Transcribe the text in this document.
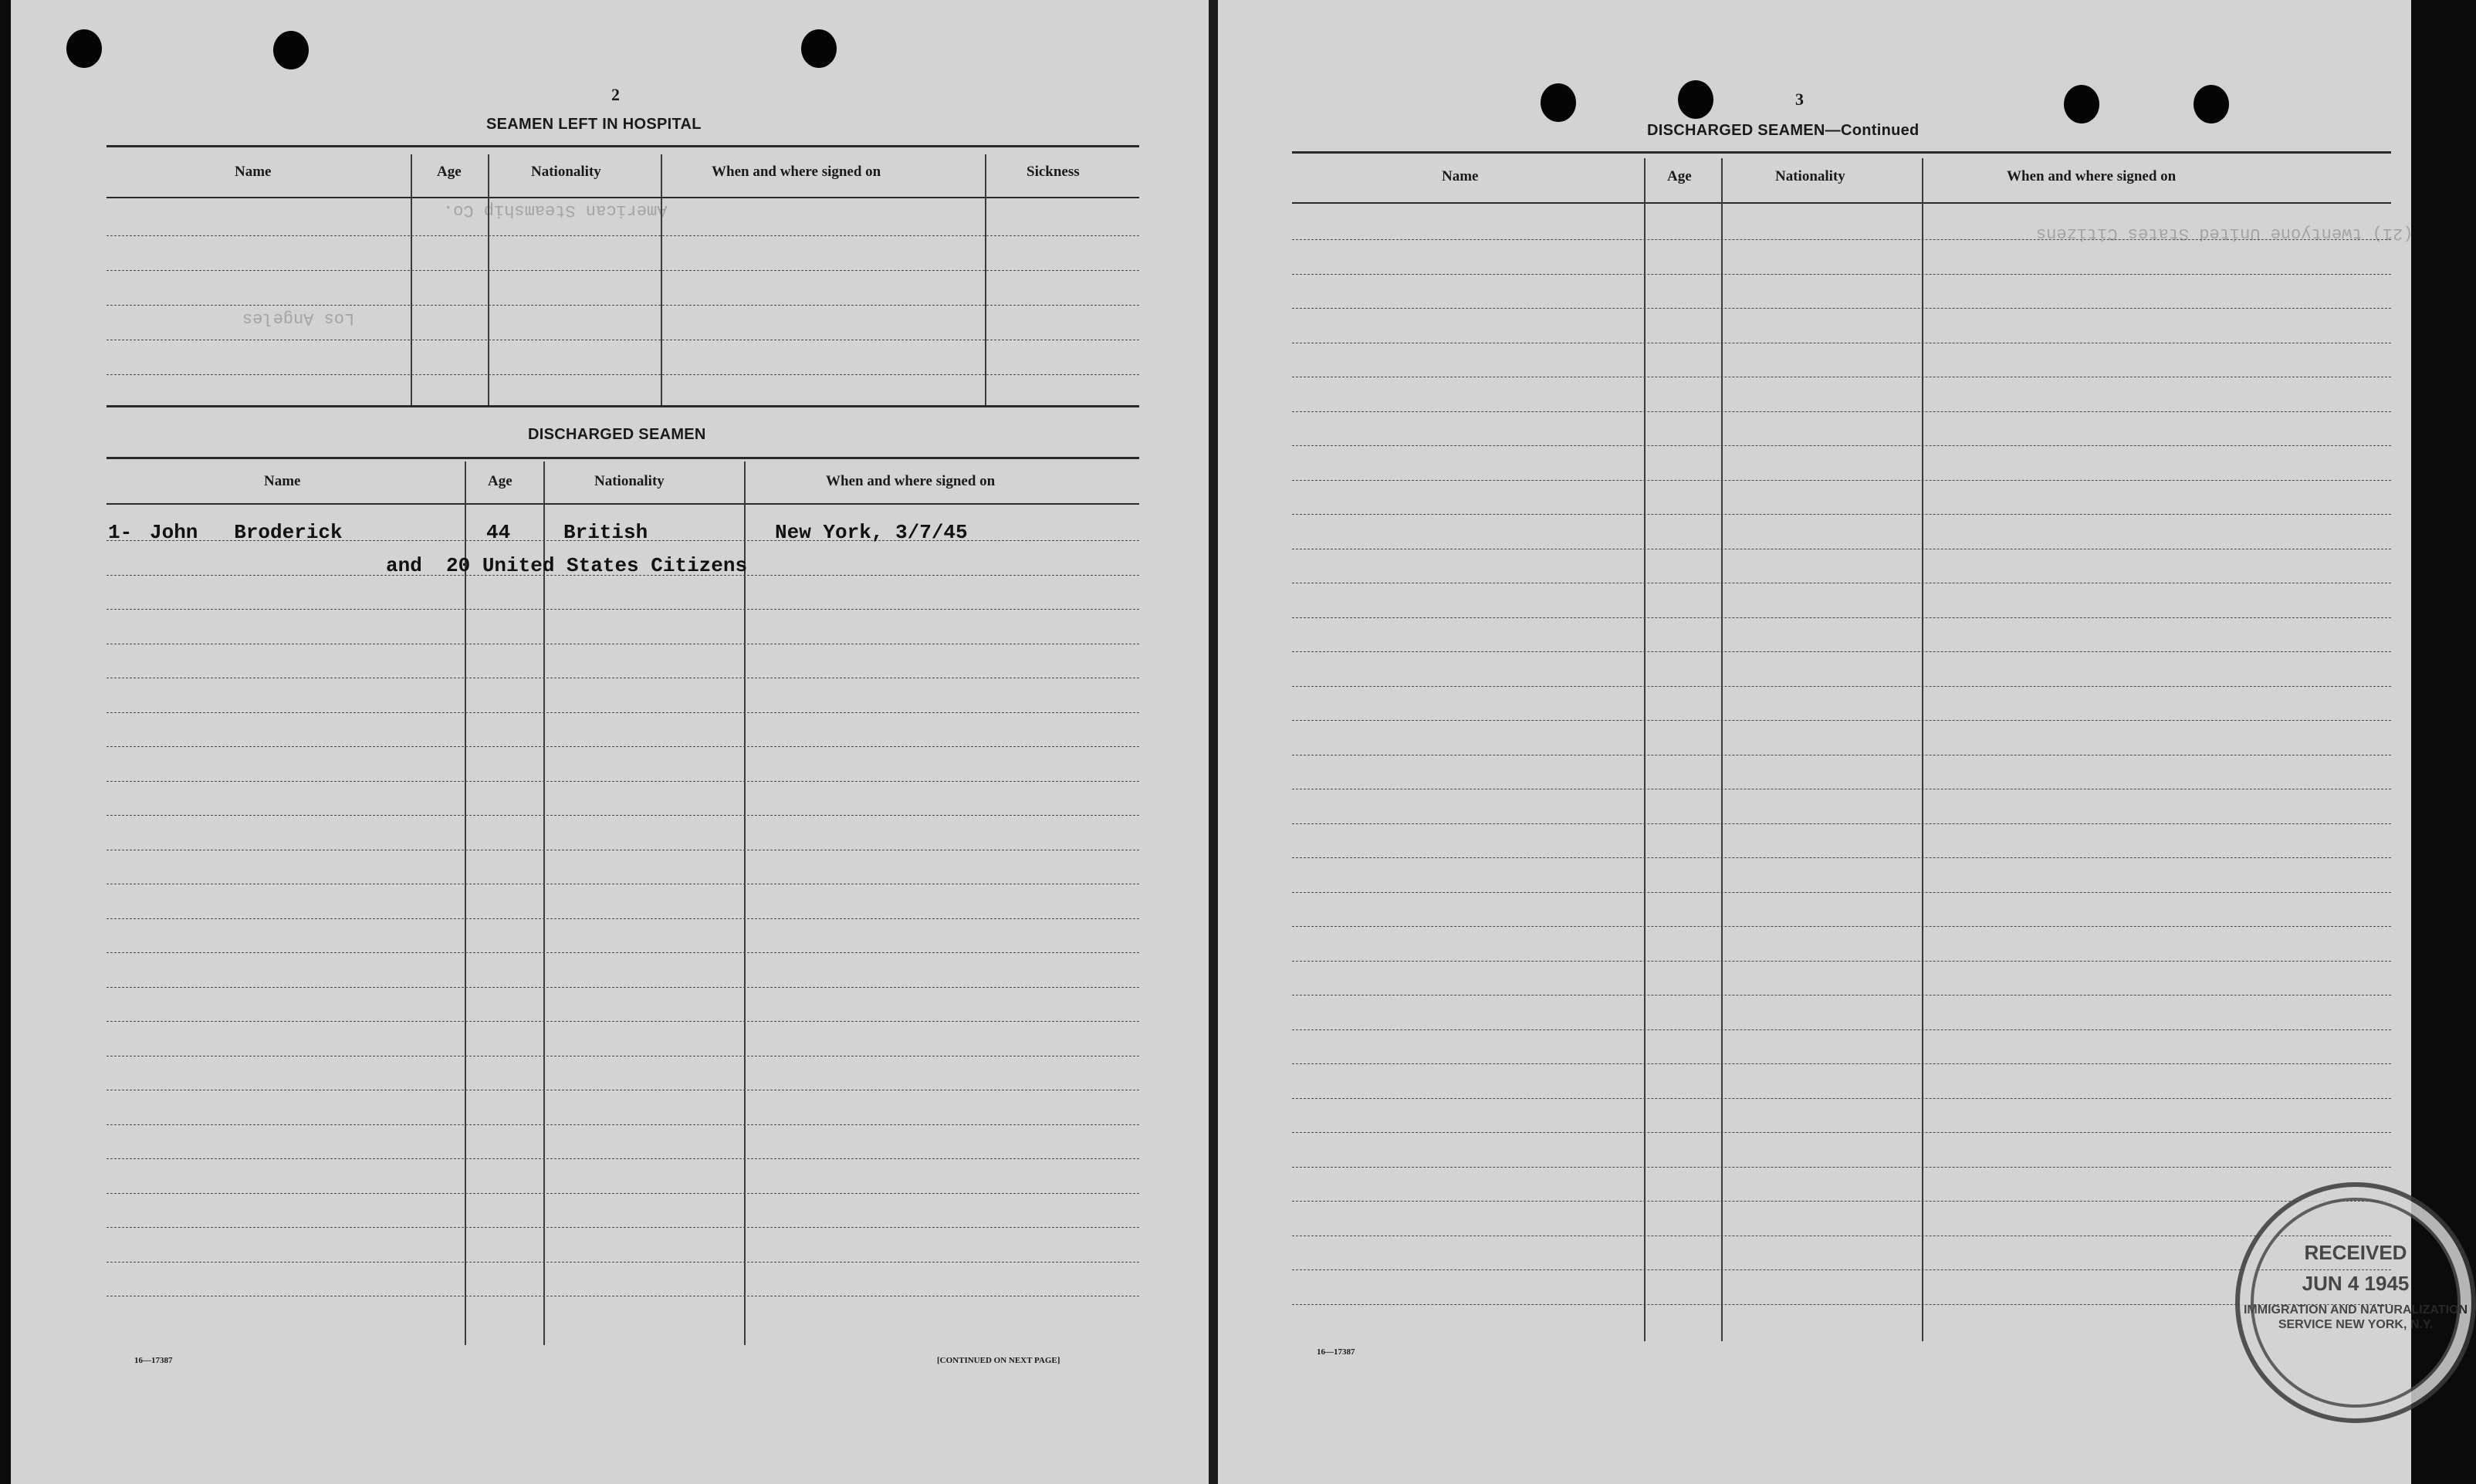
American Steamship Co.
Los Angeles
2
SEAMEN LEFT IN HOSPITAL
Name	Age	Nationality	When and where signed on	Sickness
DISCHARGED SEAMEN
Name	Age	Nationality	When and where signed on
1- John   Broderick	44	British	New York, 3/7/45
and  20 United States Citizens
16—17387	[CONTINUED ON NEXT PAGE]
(21) twentyone United States Citizens
3
DISCHARGED SEAMEN—Continued
Name	Age	Nationality	When and where signed on
16—17387
RECEIVED
JUN 4 1945
IMMIGRATION AND NATURALIZATION SERVICE NEW YORK, N.Y.
